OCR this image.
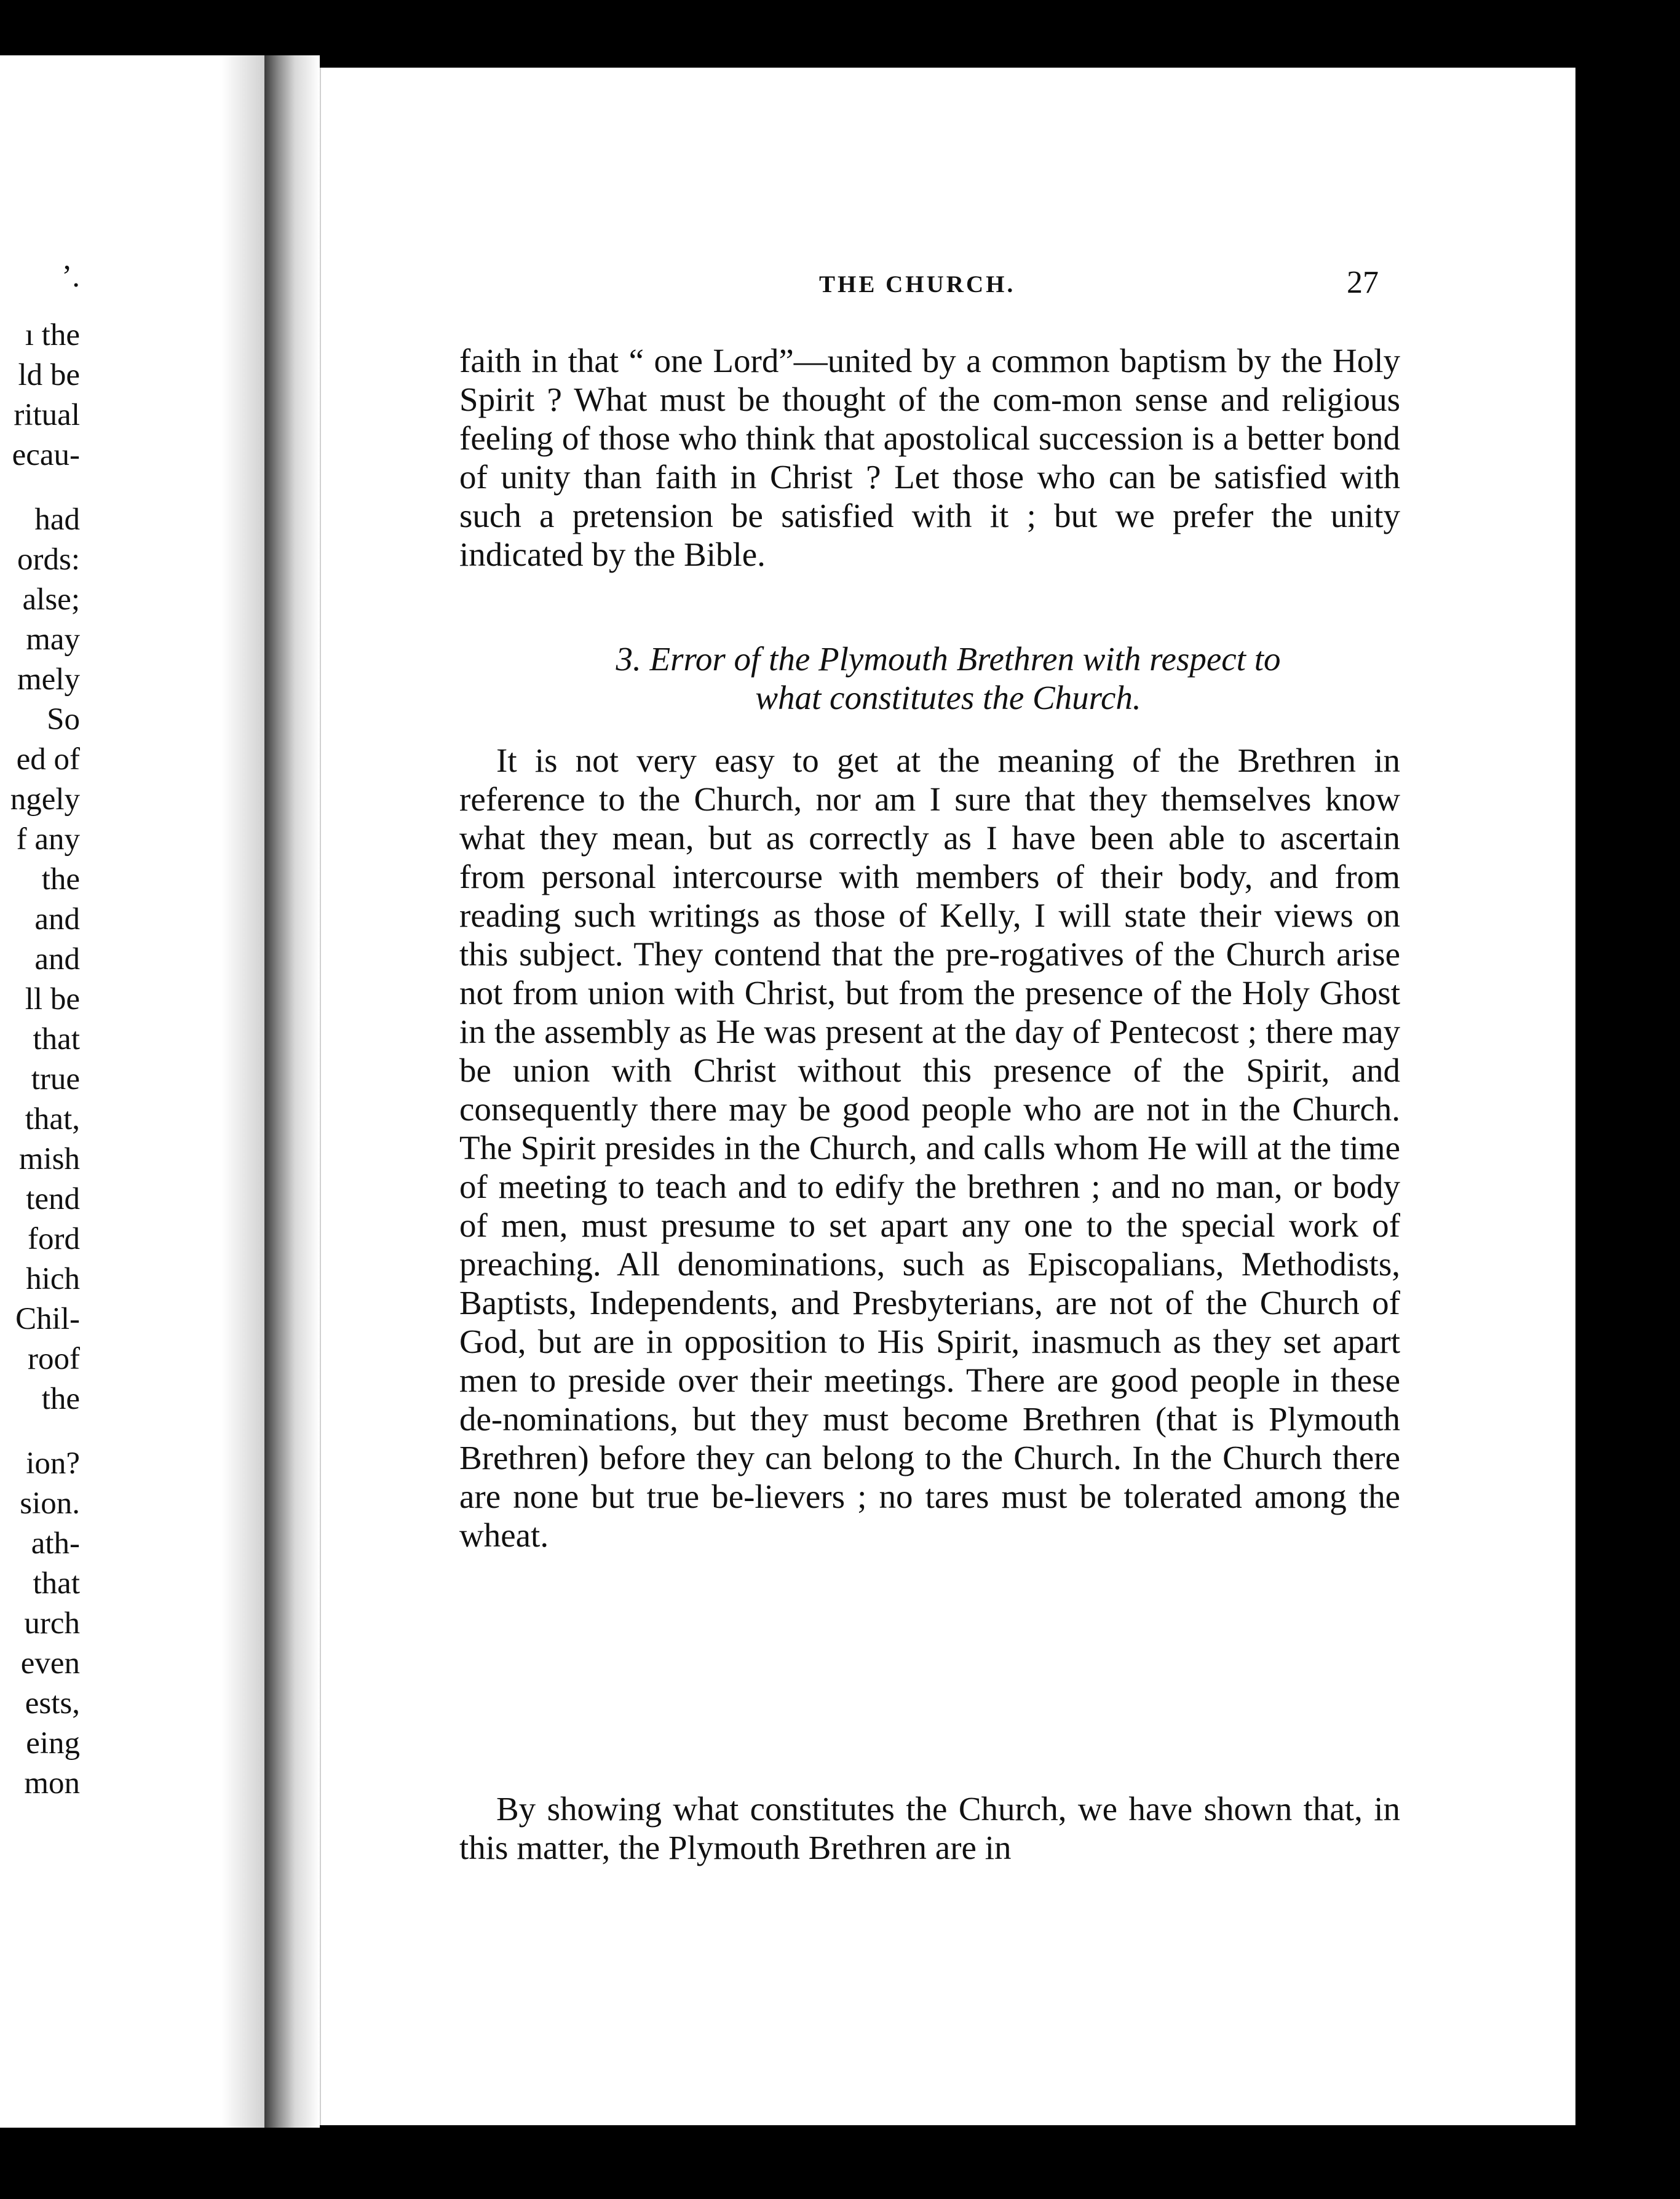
ʼ.
ı the
ld be
ritual
ecau-
had
ords:
alse;
may
mely
So
ed of
ngely
f any
the
and
and
ll be
that
true
that,
mish
tend
ford
hich
Chil-
roof
the
ion?
sion.
ath-
that
urch
even
ests,
eing
mon
THE CHURCH.	27

faith in that “ one Lord”—united by a common baptism by the Holy Spirit ? What must be thought of the com-mon sense and religious feeling of those who think that apostolical succession is a better bond of unity than faith in Christ ? Let those who can be satisfied with such a pretension be satisfied with it ; but we prefer the unity indicated by the Bible.

3. Error of the Plymouth Brethren with respect to
what constitutes the Church.

It is not very easy to get at the meaning of the Brethren in reference to the Church, nor am I sure that they themselves know what they mean, but as correctly as I have been able to ascertain from personal intercourse with members of their body, and from reading such writings as those of Kelly, I will state their views on this subject. They contend that the pre-rogatives of the Church arise not from union with Christ, but from the presence of the Holy Ghost in the assembly as He was present at the day of Pentecost ; there may be union with Christ without this presence of the Spirit, and consequently there may be good people who are not in the Church. The Spirit presides in the Church, and calls whom He will at the time of meeting to teach and to edify the brethren ; and no man, or body of men, must presume to set apart any one to the special work of preaching. All denominations, such as Episcopalians, Methodists, Baptists, Independents, and Presbyterians, are not of the Church of God, but are in opposition to His Spirit, inasmuch as they set apart men to preside over their meetings. There are good people in these de-nominations, but they must become Brethren (that is Plymouth Brethren) before they can belong to the Church. In the Church there are none but true be-lievers ; no tares must be tolerated among the wheat.

By showing what constitutes the Church, we have shown that, in this matter, the Plymouth Brethren are in
